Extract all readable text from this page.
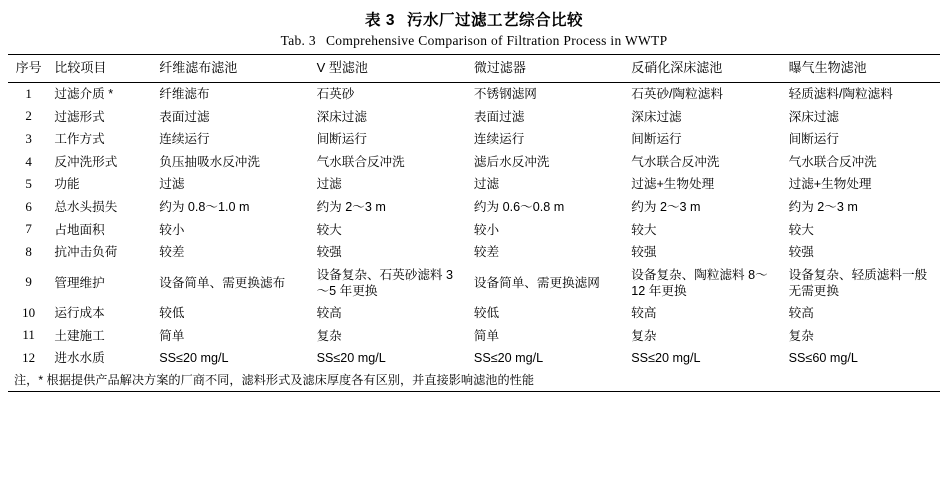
表 3 污水厂过滤工艺综合比较
Tab. 3 Comprehensive Comparison of Filtration Process in WWTP
序号	比较项目	纤维滤布滤池	V 型滤池	微过滤器	反硝化深床滤池	曝气生物滤池
1	过滤介质 *	纤维滤布	石英砂	不锈钢滤网	石英砂/陶粒滤料	轻质滤料/陶粒滤料
2	过滤形式	表面过滤	深床过滤	表面过滤	深床过滤	深床过滤
3	工作方式	连续运行	间断运行	连续运行	间断运行	间断运行
4	反冲洗形式	负压抽吸水反冲洗	气水联合反冲洗	滤后水反冲洗	气水联合反冲洗	气水联合反冲洗
5	功能	过滤	过滤	过滤	过滤+生物处理	过滤+生物处理
6	总水头损失	约为 0.8～1.0 m	约为 2～3 m	约为 0.6～0.8 m	约为 2～3 m	约为 2～3 m
7	占地面积	较小	较大	较小	较大	较大
8	抗冲击负荷	较差	较强	较差	较强	较强
9	管理维护	设备简单、需更换滤布	设备复杂、石英砂滤料 3～5 年更换	设备简单、需更换滤网	设备复杂、陶粒滤料 8～12 年更换	设备复杂、轻质滤料一般无需更换
10	运行成本	较低	较高	较低	较高	较高
11	土建施工	简单	复杂	简单	复杂	复杂
12	进水水质	SS≤20 mg/L	SS≤20 mg/L	SS≤20 mg/L	SS≤20 mg/L	SS≤60 mg/L
注，* 根据提供产品解决方案的厂商不同，滤料形式及滤床厚度各有区别，并直接影响滤池的性能						
